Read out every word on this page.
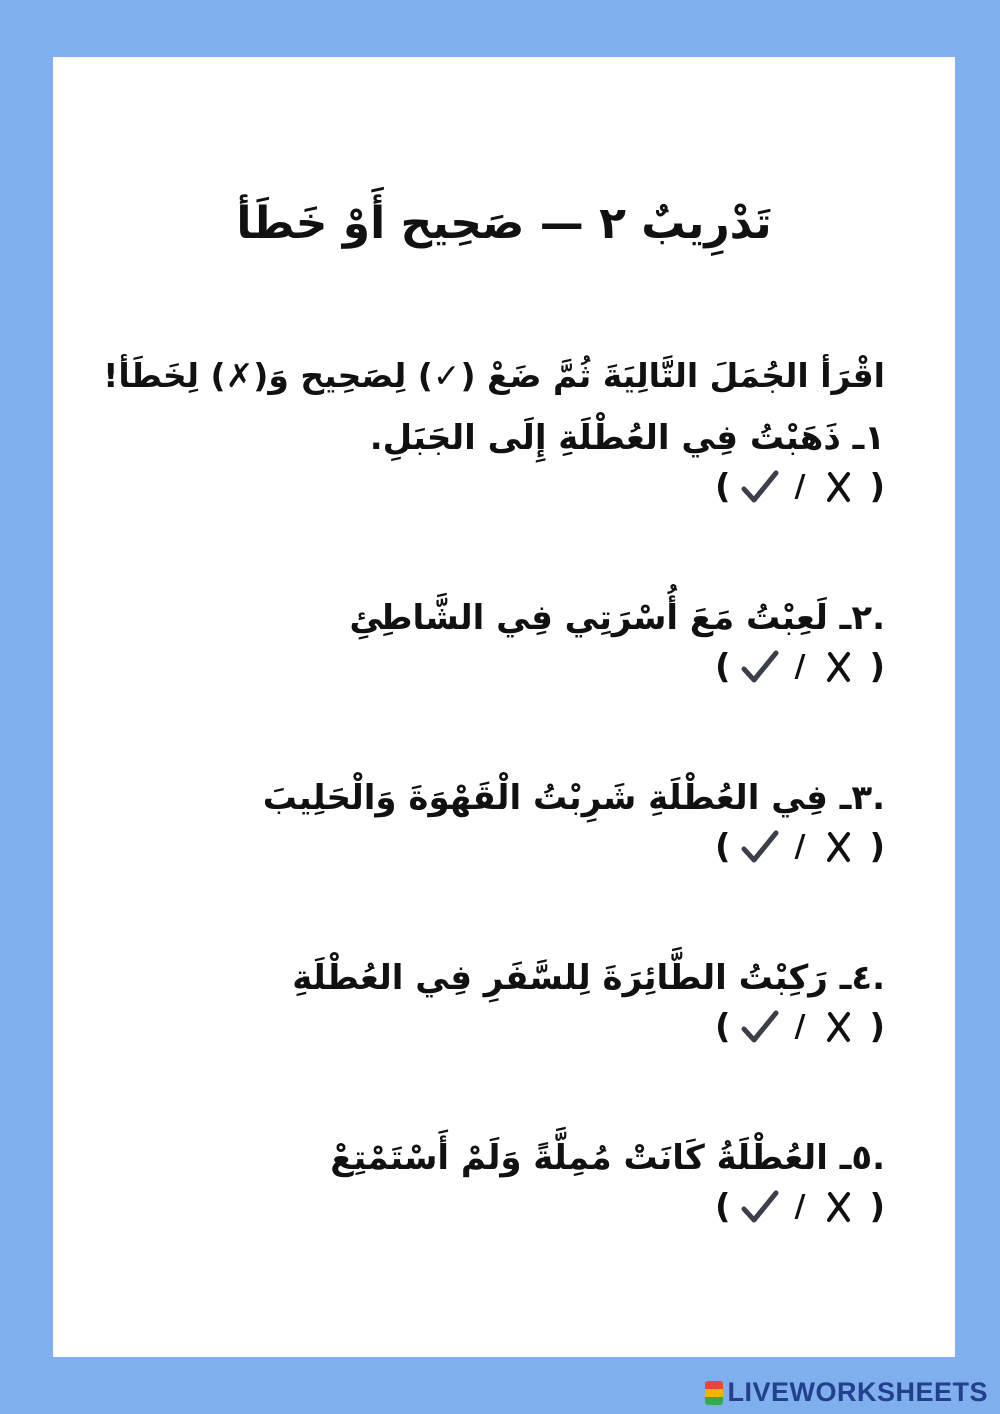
تَدْرِيبٌ ٢ — صَحِيح أَوْ خَطَأ
اقْرَأ الجُمَلَ التَّالِيَةَ ثُمَّ ضَعْ (✓) لِصَحِيح وَ(✗) لِخَطَأ!
١ـ ذَهَبْتُ فِي العُطْلَةِ إِلَى الجَبَلِ.
(
/
)
.٢ـ لَعِبْتُ مَعَ أُسْرَتِي فِي الشَّاطِئِ
(
/
)
.٣ـ فِي العُطْلَةِ شَرِبْتُ الْقَهْوَةَ وَالْحَلِيبَ
(
/
)
.٤ـ رَكِبْتُ الطَّائِرَةَ لِلسَّفَرِ فِي العُطْلَةِ
(
/
)
.٥ـ العُطْلَةُ كَانَتْ مُمِلَّةً وَلَمْ أَسْتَمْتِعْ
(
/
)
LIVEWORKSHEETS
